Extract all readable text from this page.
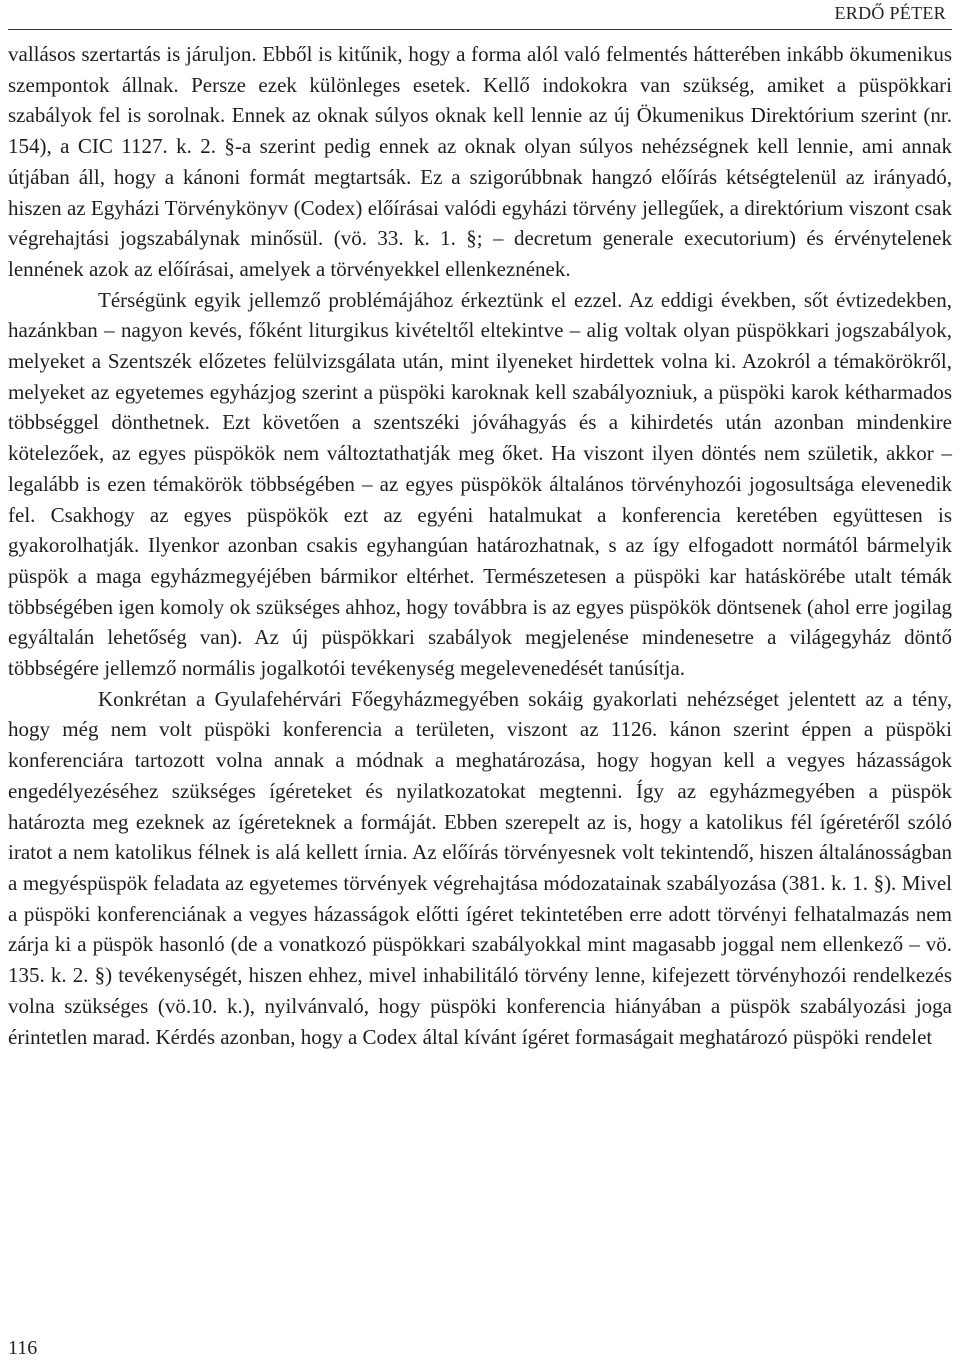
ERDŐ PÉTER

vallásos szertartás is járuljon. Ebből is kitűnik, hogy a forma alól való felmentés hátterében inkább ökumenikus szempontok állnak. Persze ezek különleges esetek. Kellő indokokra van szükség, amiket a püspökkari szabályok fel is sorolnak. Ennek az oknak súlyos oknak kell lennie az új Ökumenikus Direktórium szerint (nr. 154), a CIC 1127. k. 2. §-a szerint pedig ennek az oknak olyan súlyos nehézségnek kell lennie, ami annak útjában áll, hogy a kánoni formát megtartsák. Ez a szigorúbbnak hangzó előírás kétségtelenül az irányadó, hiszen az Egyházi Törvénykönyv (Codex) előírásai valódi egyházi törvény jellegűek, a direktórium viszont csak végrehajtási jogszabálynak minősül. (vö. 33. k. 1. §; – decretum generale executorium) és érvénytelenek lennének azok az előírásai, amelyek a törvényekkel ellenkeznének.

Térségünk egyik jellemző problémájához érkeztünk el ezzel. Az eddigi években, sőt évtizedekben, hazánkban – nagyon kevés, főként liturgikus kivételtől eltekintve – alig voltak olyan püspökkari jogszabályok, melyeket a Szentszék előzetes felülvizsgálata után, mint ilyeneket hirdettek volna ki. Azokról a témakörökről, melyeket az egyetemes egyházjog szerint a püspöki karoknak kell szabályozniuk, a püspöki karok kétharmados többséggel dönthetnek. Ezt követően a szentszéki jóváhagyás és a kihirdetés után azonban mindenkire kötelezőek, az egyes püspökök nem változtathatják meg őket. Ha viszont ilyen döntés nem születik, akkor – legalább is ezen témakörök többségében – az egyes püspökök általános törvényhozói jogosultsága elevenedik fel. Csakhogy az egyes püspökök ezt az egyéni hatalmukat a konferencia keretében együttesen is gyakorolhatják. Ilyenkor azonban csakis egyhangúan határozhatnak, s az így elfogadott normától bármelyik püspök a maga egyházmegyéjében bármikor eltérhet. Természetesen a püspöki kar hatáskörébe utalt témák többségében igen komoly ok szükséges ahhoz, hogy továbbra is az egyes püspökök döntsenek (ahol erre jogilag egyáltalán lehetőség van). Az új püspökkari szabályok megjelenése mindenesetre a világegyház döntő többségére jellemző normális jogalkotói tevékenység megelevenedését tanúsítja.

Konkrétan a Gyulafehérvári Főegyházmegyében sokáig gyakorlati nehézséget jelentett az a tény, hogy még nem volt püspöki konferencia a területen, viszont az 1126. kánon szerint éppen a püspöki konferenciára tartozott volna annak a módnak a meghatározása, hogy hogyan kell a vegyes házasságok engedélyezéséhez szükséges ígéreteket és nyilatkozatokat megtenni. Így az egyházmegyében a püspök határozta meg ezeknek az ígéreteknek a formáját. Ebben szerepelt az is, hogy a katolikus fél ígéretéről szóló iratot a nem katolikus félnek is alá kellett írnia. Az előírás törvényesnek volt tekintendő, hiszen általánosságban a megyéspüspök feladata az egyetemes törvények végrehajtása módozatainak szabályozása (381. k. 1. §). Mivel a püspöki konferenciának a vegyes házasságok előtti ígéret tekintetében erre adott törvényi felhatalmazás nem zárja ki a püspök hasonló (de a vonatkozó püspökkari szabályokkal mint magasabb joggal nem ellenkező – vö. 135. k. 2. §) tevékenységét, hiszen ehhez, mivel inhabilitáló törvény lenne, kifejezett törvényhozói rendelkezés volna szükséges (vö.10. k.), nyilvánvaló, hogy püspöki konferencia hiányában a püspök szabályozási joga érintetlen marad. Kérdés azonban, hogy a Codex által kívánt ígéret formaságait meghatározó püspöki rendelet

116
